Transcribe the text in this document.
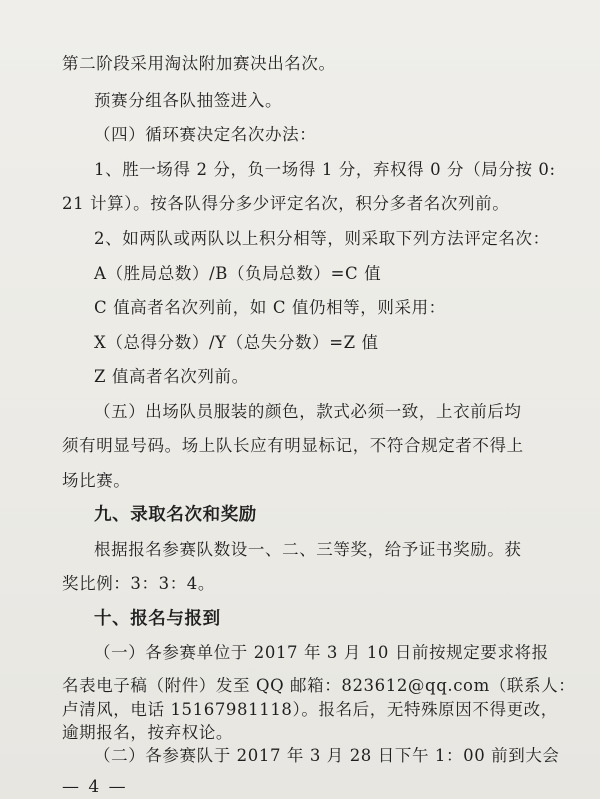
第二阶段采用淘汰附加赛决出名次。
预赛分组各队抽签进入。
（四）循环赛决定名次办法：
1、胜一场得 2 分，负一场得 1 分，弃权得 0 分（局分按 0:
21 计算）。按各队得分多少评定名次，积分多者名次列前。
2、如两队或两队以上积分相等，则采取下列方法评定名次：
A（胜局总数）/B（负局总数）=C 值
C 值高者名次列前，如 C 值仍相等，则采用：
X（总得分数）/Y（总失分数）=Z 值
Z 值高者名次列前。
（五）出场队员服装的颜色，款式必须一致，上衣前后均
须有明显号码。场上队长应有明显标记，不符合规定者不得上
场比赛。
九、录取名次和奖励
根据报名参赛队数设一、二、三等奖，给予证书奖励。获
奖比例：3：3：4。
十、报名与报到
（一）各参赛单位于 2017 年 3 月 10 日前按规定要求将报
名表电子稿（附件）发至 QQ 邮箱：823612@qq.com（联系人：
卢清风，电话 15167981118）。报名后，无特殊原因不得更改，
逾期报名，按弃权论。
（二）各参赛队于 2017 年 3 月 28 日下午 1：00 前到大会
— 4 —
